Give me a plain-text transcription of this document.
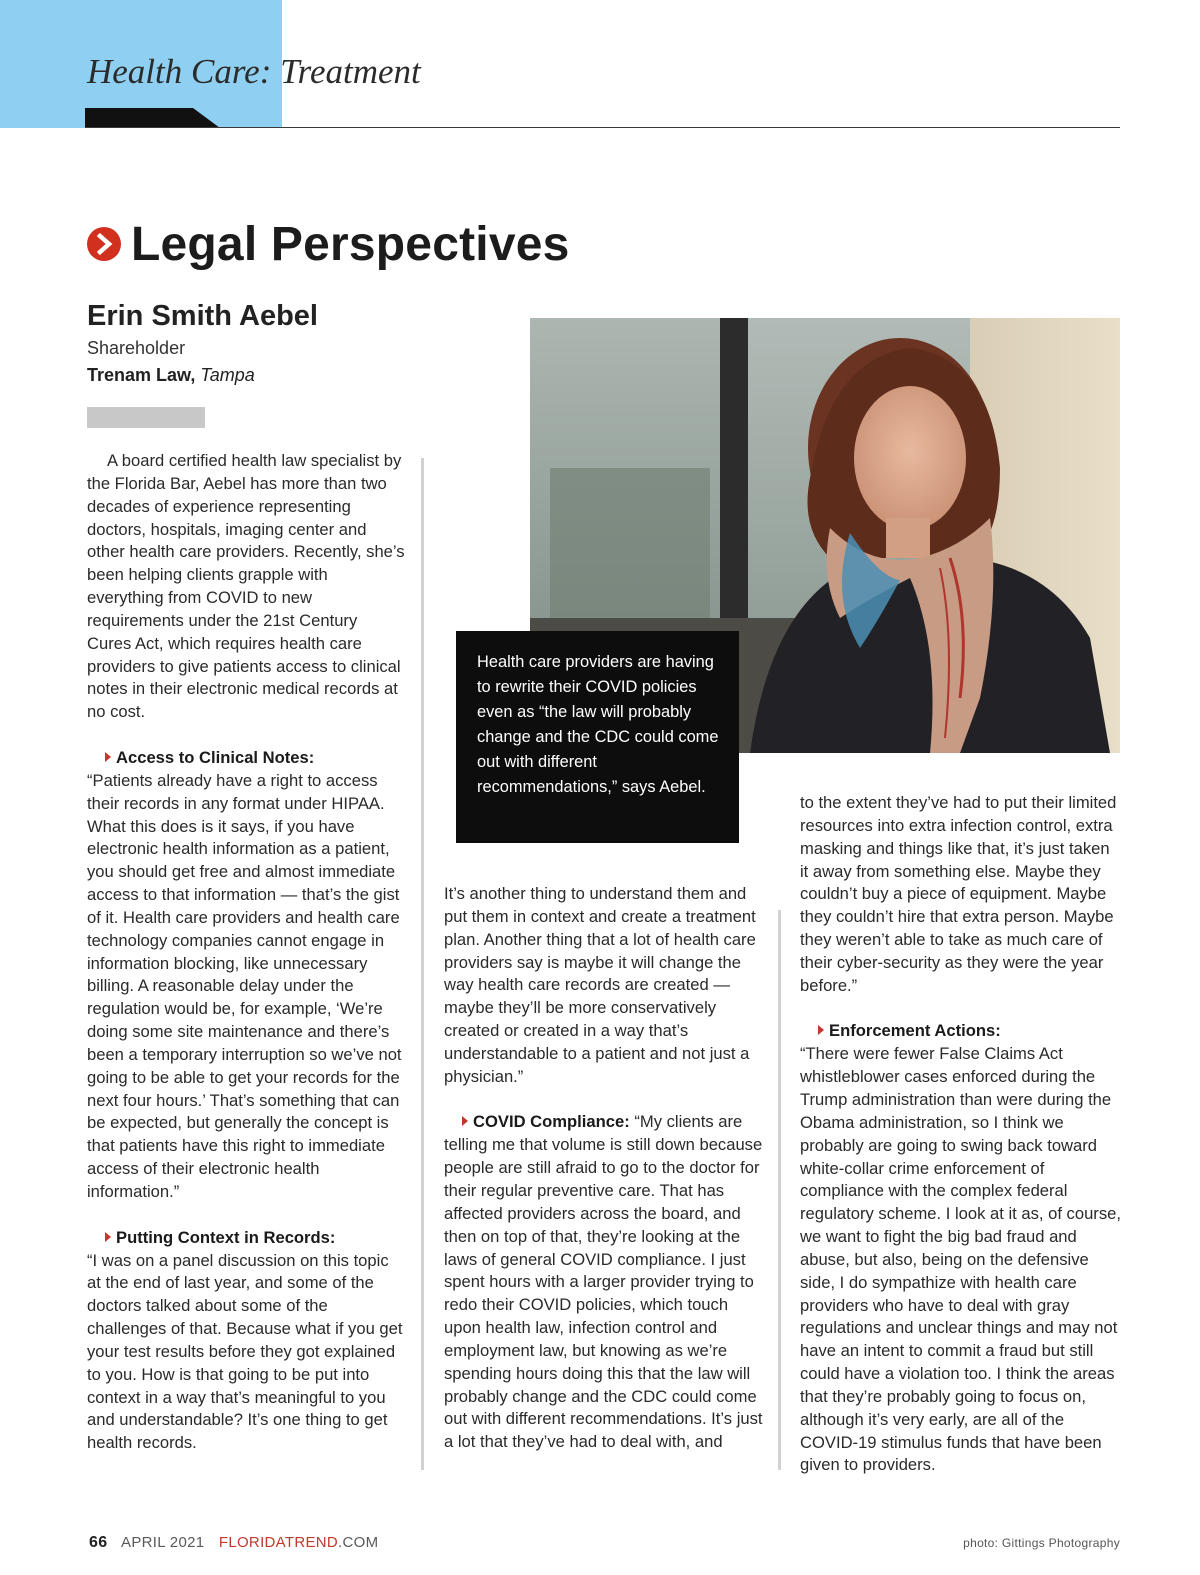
Health Care: Treatment
Legal Perspectives
Erin Smith Aebel
Shareholder
Trenam Law, Tampa

A board certified health law specialist by the Florida Bar, Aebel has more than two decades of experience representing doctors, hospitals, imaging center and other health care providers. Recently, she’s been helping clients grapple with everything from COVID to new requirements under the 21st Century Cures Act, which requires health care providers to give patients access to clinical notes in their electronic medical records at no cost.

Access to Clinical Notes:

“Patients already have a right to access their records in any format under HIPAA. What this does is it says, if you have electronic health information as a patient, you should get free and almost immediate access to that information — that’s the gist of it. Health care providers and health care technology companies cannot engage in information blocking, like unnecessary billing. A reasonable delay under the regulation would be, for example, ‘We’re doing some site maintenance and there’s been a temporary interruption so we’ve not going to be able to get your records for the next four hours.’ That’s something that can be expected, but generally the concept is that patients have this right to immediate access of their electronic health information.”

Putting Context in Records:

“I was on a panel discussion on this topic at the end of last year, and some of the doctors talked about some of the challenges of that. Because what if you get your test results before they got explained to you. How is that going to be put into context in a way that’s meaningful to you and understandable? It’s one thing to get health records.

It’s another thing to understand them and put them in context and create a treatment plan. Another thing that a lot of health care providers say is maybe it will change the way health care records are created — maybe they’ll be more conservatively created or created in a way that’s understandable to a patient and not just a physician.”

COVID Compliance: “My clients are telling me that volume is still down because people are still afraid to go to the doctor for their regular preventive care. That has affected providers across the board, and then on top of that, they’re looking at the laws of general COVID compliance. I just spent hours with a larger provider trying to redo their COVID policies, which touch upon health law, infection control and employment law, but knowing as we’re spending hours doing this that the law will probably change and the CDC could come out with different recommendations. It’s just a lot that they’ve had to deal with, and

to the extent they’ve had to put their limited resources into extra infection control, extra masking and things like that, it’s just taken it away from something else. Maybe they couldn’t buy a piece of equipment. Maybe they couldn’t hire that extra person. Maybe they weren’t able to take as much care of their cyber-security as they were the year before.”

Enforcement Actions:

“There were fewer False Claims Act whistleblower cases enforced during the Trump administration than were during the Obama administration, so I think we probably are going to swing back toward white-collar crime enforcement of compliance with the complex federal regulatory scheme. I look at it as, of course, we want to fight the big bad fraud and abuse, but also, being on the defensive side, I do sympathize with health care providers who have to deal with gray regulations and unclear things and may not have an intent to commit a fraud but still could have a violation too. I think the areas that they’re probably going to focus on, although it’s very early, are all of the COVID-19 stimulus funds that have been given to providers.

Health care providers are having to rewrite their COVID policies even as “the law will probably change and the CDC could come out with different recommendations,” says Aebel.
66 APRIL 2021 FLORIDATREND.COM	photo: Gittings Photography
